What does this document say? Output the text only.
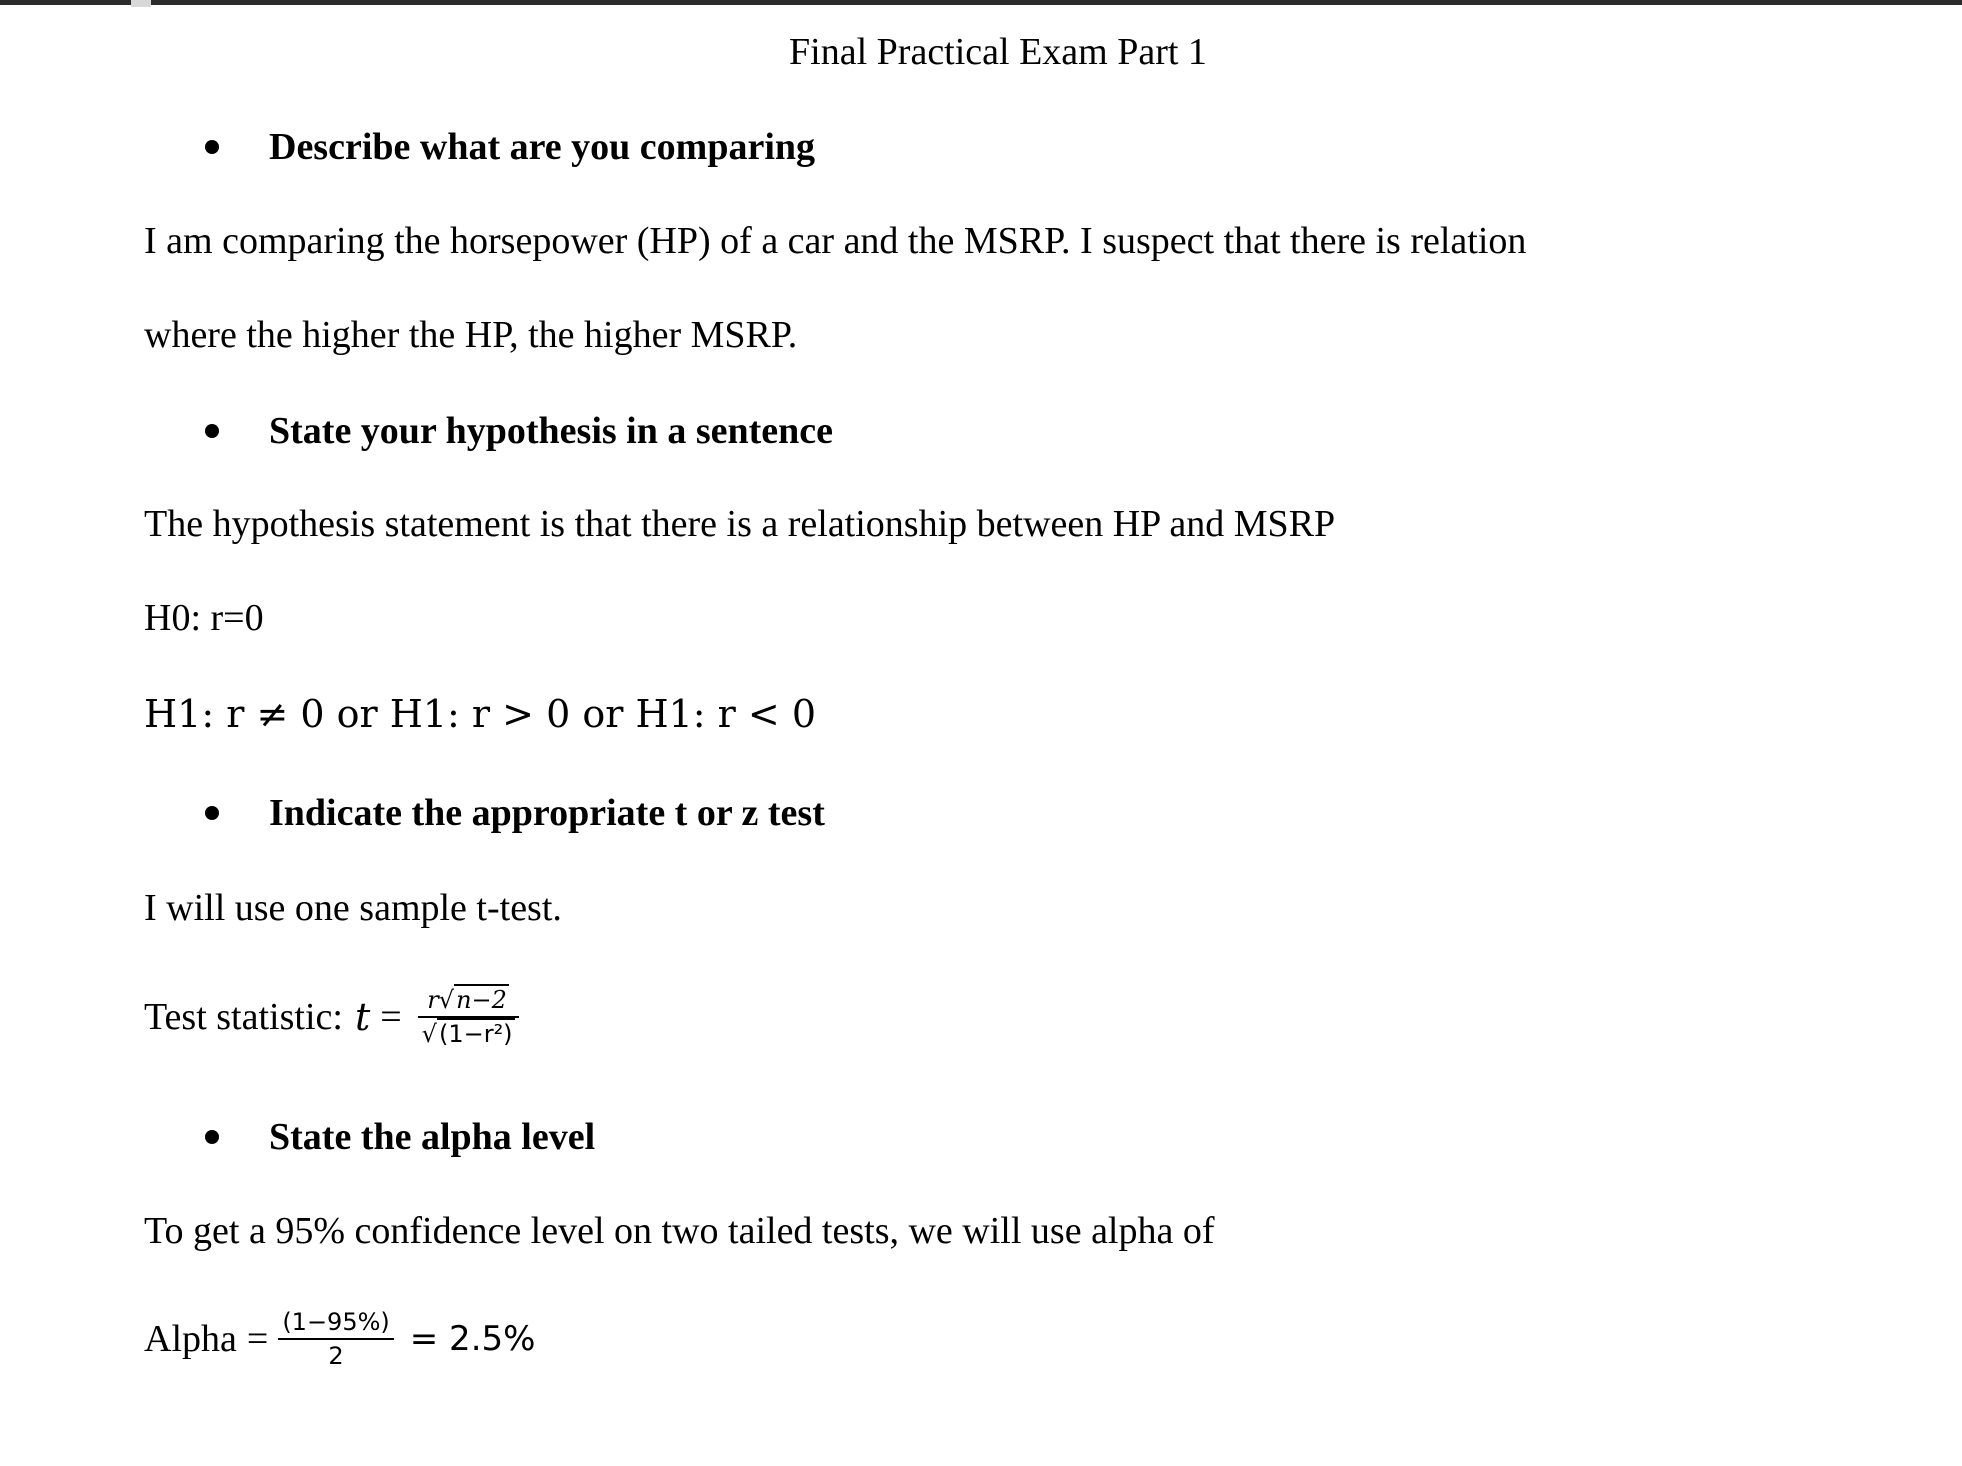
Final Practical Exam Part 1
Describe what are you comparing
I am comparing the horsepower (HP) of a car and the MSRP. I suspect that there is relation
where the higher the HP, the higher MSRP.
State your hypothesis in a sentence
The hypothesis statement is that there is a relationship between HP and MSRP
H0: r=0
H1: r ≠ 0 or H1: r > 0 or H1: r < 0
Indicate the appropriate t or z test
I will use one sample t-test.
Test statistic: $t = \frac{r√n-2}{\text{√(1−r²)}}$
State the alpha level
To get a 95% confidence level on two tailed tests, we will use alpha of
Alpha = $\frac{(1-95\%)}{2} = 2.5\%$
